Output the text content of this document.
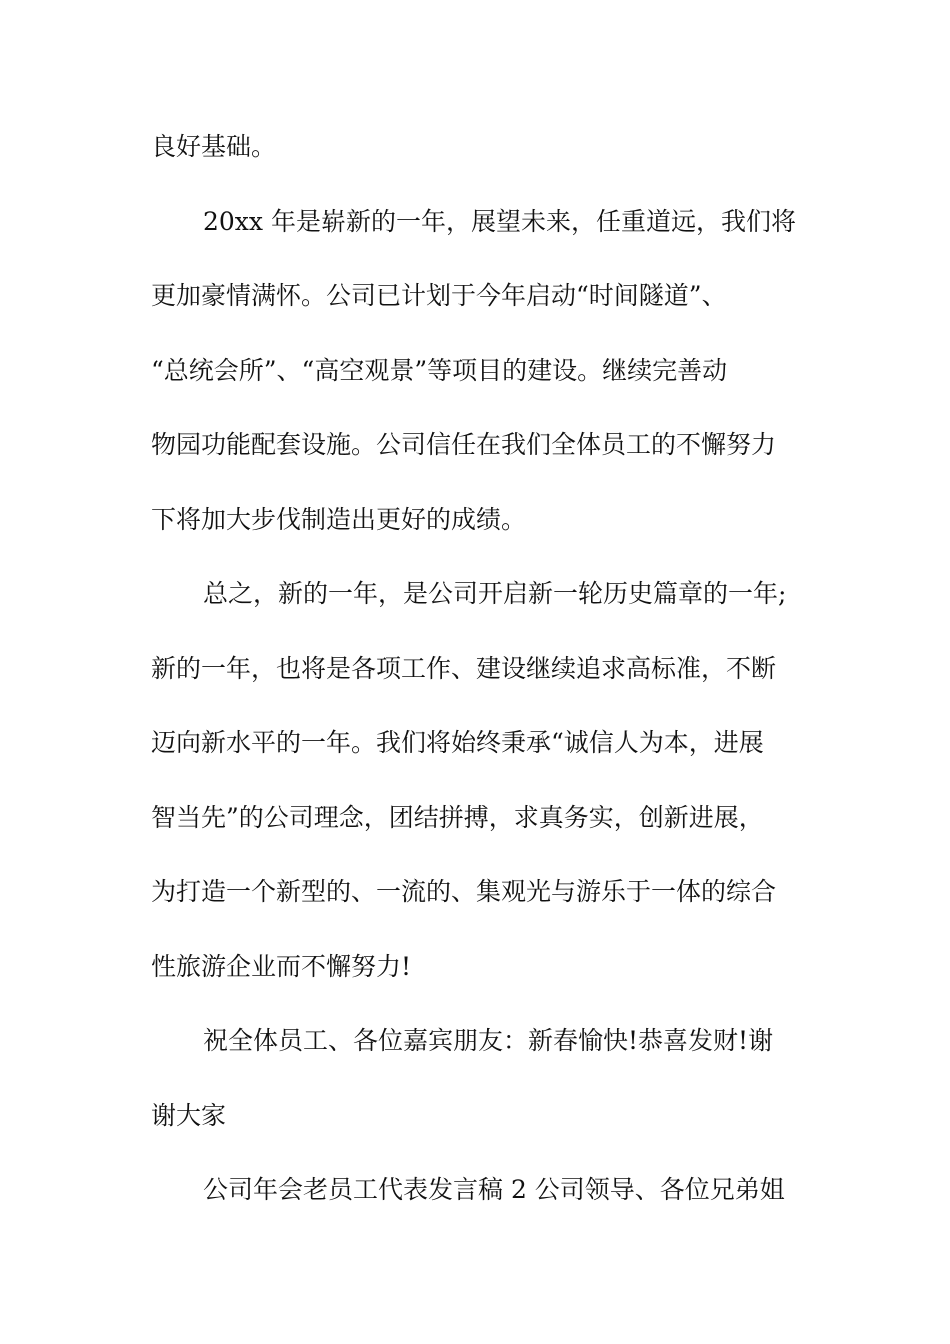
良好基础。
20xx 年是崭新的一年，展望未来，任重道远，我们将
更加豪情满怀。公司已计划于今年启动“时间隧道”、
“总统会所”、“高空观景”等项目的建设。继续完善动
物园功能配套设施。公司信任在我们全体员工的不懈努力
下将加大步伐制造出更好的成绩。
总之，新的一年，是公司开启新一轮历史篇章的一年;
新的一年，也将是各项工作、建设继续追求高标准，不断
迈向新水平的一年。我们将始终秉承“诚信人为本，进展
智当先”的公司理念，团结拼搏，求真务实，创新进展，
为打造一个新型的、一流的、集观光与游乐于一体的综合
性旅游企业而不懈努力!
祝全体员工、各位嘉宾朋友：新春愉快!恭喜发财!谢
谢大家
公司年会老员工代表发言稿 2 公司领导、各位兄弟姐
